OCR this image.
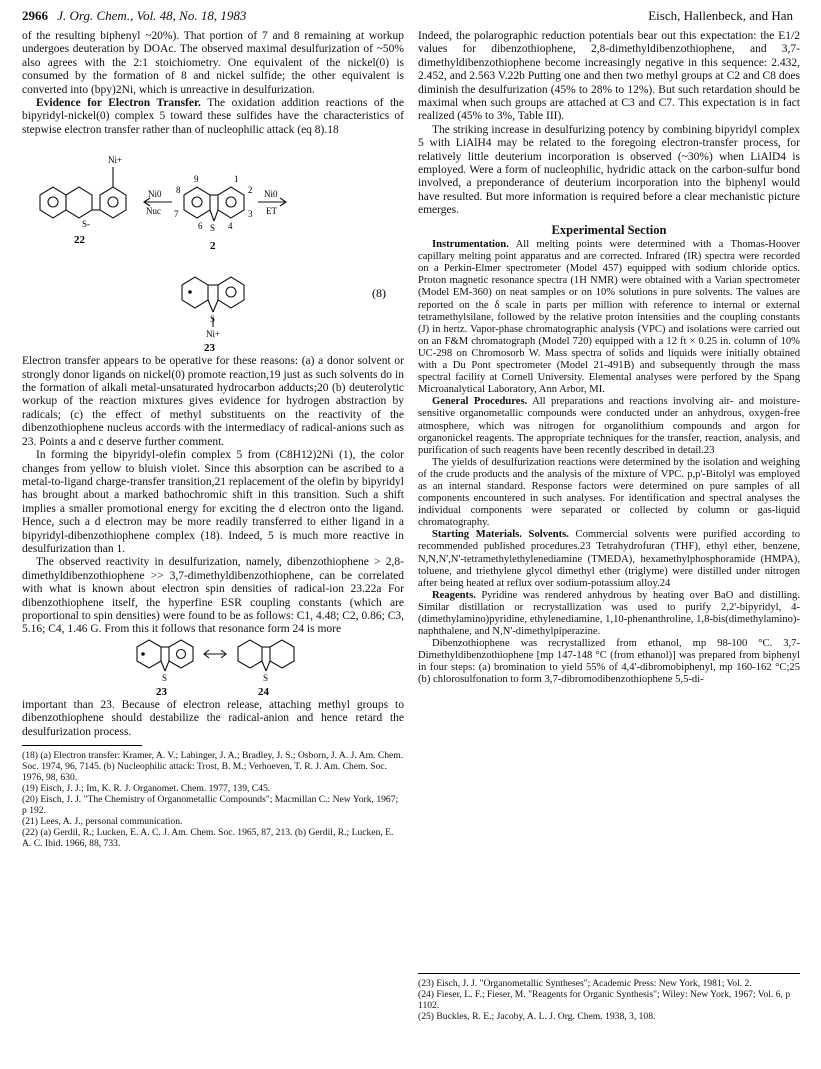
2966 J. Org. Chem., Vol. 48, No. 18, 1983	Eisch, Hallenbeck, and Han

of the resulting biphenyl ~20%). That portion of 7 and 8 remaining at workup undergoes deuteration by DOAc. The observed maximal desulfurization of ~50% also agrees with the 2:1 stoichiometry. One equivalent of the nickel(0) is consumed by the formation of 8 and nickel sulfide; the other equivalent is converted into (bpy)2Ni, which is unreactive in desulfurization.

Evidence for Electron Transfer. The oxidation addition reactions of the bipyridyl-nickel(0) complex 5 toward these sulfides have the characteristics of stepwise electron transfer rather than of nucleophilic attack (eq 8).18

Ni+
S-
Ni0
Nuc
Ni0
ET
9
8
7
6
1
2
3
4
S
22	2
S
Ni+
23
(8)

Electron transfer appears to be operative for these reasons: (a) a donor solvent or strongly donor ligands on nickel(0) promote reaction,19 just as such solvents do in the formation of alkali metal-unsaturated hydrocarbon adducts;20 (b) deuterolytic workup of the reaction mixtures gives evidence for hydrogen abstraction by radicals; (c) the effect of methyl substituents on the reactivity of the dibenzothiophene nucleus accords with the intermediacy of radical-anions such as 23. Points a and c deserve further comment.

In forming the bipyridyl-olefin complex 5 from (C8H12)2Ni (1), the color changes from yellow to bluish violet. Since this absorption can be ascribed to a metal-to-ligand charge-transfer transition,21 replacement of the olefin by bipyridyl has brought about a marked bathochromic shift in this transition. Such a shift implies a smaller promotional energy for exciting the d electron onto the ligand. Hence, such a d electron may be more readily transferred to either ligand in a bipyridyl-dibenzothiophene complex (18). Indeed, 5 is much more reactive in desulfurization than 1.

The observed reactivity in desulfurization, namely, dibenzothiophene > 2,8-dimethyldibenzothiophene >> 3,7-dimethyldibenzothiophene, can be correlated with what is known about electron spin densities of radical-ion 23.22a For dibenzothiophene itself, the hyperfine ESR coupling constants (which are proportional to spin densities) were found to be as follows: C1, 4.48; C2, 0.86; C3, 5.16; C4, 1.46 G. From this it follows that resonance form 24 is more

S	S
23	24

important than 23. Because of electron release, attaching methyl groups to dibenzothiophene should destabilize the radical-anion and hence retard the desulfurization process.

(18) (a) Electron transfer: Kramer, A. V.; Labinger, J. A.; Bradley, J. S.; Osborn, J. A. J. Am. Chem. Soc. 1974, 96, 7145. (b) Nucleophilic attack: Trost, B. M.; Verhoeven, T. R. J. Am. Chem. Soc. 1976, 98, 630.

(19) Eisch, J. J.; Im, K. R. J. Organomet. Chem. 1977, 139, C45.

(20) Eisch, J. J. "The Chemistry of Organometallic Compounds"; Macmillan C.: New York, 1967; p 192.

(21) Lees, A. J., personal communication.

(22) (a) Gerdil, R.; Lucken, E. A. C. J. Am. Chem. Soc. 1965, 87, 213. (b) Gerdil, R.; Lucken, E. A. C. Ibid. 1966, 88, 733.

Indeed, the polarographic reduction potentials bear out this expectation: the E1/2 values for dibenzothiophene, 2,8-dimethyldibenzothiophene, and 3,7-dimethyldibenzothiophene become increasingly negative in this sequence: 2.432, 2.452, and 2.563 V.22b Putting one and then two methyl groups at C2 and C8 does diminish the desulfurization (45% to 28% to 12%). But such retardation should be maximal when such groups are attached at C3 and C7. This expectation is in fact realized (45% to 3%, Table III).

The striking increase in desulfurizing potency by combining bipyridyl complex 5 with LiAlH4 may be related to the foregoing electron-transfer process, for relatively little deuterium incorporation is observed (~30%) when LiAlD4 is employed. Were a form of nucleophilic, hydridic attack on the carbon-sulfur bond involved, a preponderance of deuterium incorporation into the biphenyl would have resulted. But more information is required before a clear mechanistic picture emerges.

Experimental Section

Instrumentation. All melting points were determined with a Thomas-Hoover capillary melting point apparatus and are corrected. Infrared (IR) spectra were recorded on a Perkin-Elmer spectrometer (Model 457) equipped with sodium chloride optics. Proton magnetic resonance spectra (1H NMR) were obtained with a Varian spectrometer (Model EM-360) on neat samples or on 10% solutions in pure solvents. The values are reported on the δ scale in parts per million with reference to internal or external tetramethylsilane, followed by the relative proton intensities and the coupling constants (J) in hertz. Vapor-phase chromatographic analysis (VPC) and isolations were carried out on an F&M chromatograph (Model 720) equipped with a 12 ft × 0.25 in. column of 10% UC-298 on Chromosorb W. Mass spectra of solids and liquids were initially obtained with a Du Pont spectrometer (Model 21-491B) and subsequently through the mass spectral facility at Cornell University. Elemental analyses were perfored by the Spang Microanalytical Laboratory, Ann Arbor, MI.

General Procedures. All preparations and reactions involving air- and moisture-sensitive organometallic compounds were conducted under an anhydrous, oxygen-free atmosphere, which was nitrogen for organolithium compounds and argon for organonickel reagents. The appropriate techniques for the transfer, reaction, analysis, and purification of such reagents have been recently described in detail.23

The yields of desulfurization reactions were determined by the isolation and weighing of the crude products and the analysis of the mixture of VPC. p,p'-Bitolyl was employed as an internal standard. Response factors were determined on pure samples of all components encountered in such analyses. For identification and spectral analyses the individual components were separated or collected by column or gas-liquid chromatography.

Starting Materials. Solvents. Commercial solvents were purified according to recommended published procedures.23 Tetrahydrofuran (THF), ethyl ether, benzene, N,N,N',N'-tetramethylethylenediamine (TMEDA), hexamethylphosphoramide (HMPA), toluene, and triethylene glycol dimethyl ether (triglyme) were distilled under nitrogen after being heated at reflux over sodium-potassium alloy.24

Reagents. Pyridine was rendered anhydrous by heating over BaO and distilling. Similar distillation or recrystallization was used to purify 2,2'-bipyridyl, 4-(dimethylamino)pyridine, ethylenediamine, 1,10-phenanthroline, 1,8-bis(dimethylamino)-naphthalene, and N,N'-dimethylpiperazine.

Dibenzothiophene was recrystallized from ethanol, mp 98-100 °C. 3,7-Dimethyldibenzothiophene [mp 147-148 °C (from ethanol)] was prepared from biphenyl in four steps: (a) bromination to yield 55% of 4,4'-dibromobiphenyl, mp 160-162 °C;25 (b) chlorosulfonation to form 3,7-dibromodibenzothiophene 5,5-di-

(23) Eisch, J. J. "Organometallic Syntheses"; Academic Press: New York, 1981; Vol. 2.

(24) Fieser, L. F.; Fieser, M. "Reagents for Organic Synthesis"; Wiley: New York, 1967; Vol. 6, p 1102.

(25) Buckles, R. E.; Jacoby, A. L. J. Org. Chem. 1938, 3, 108.
